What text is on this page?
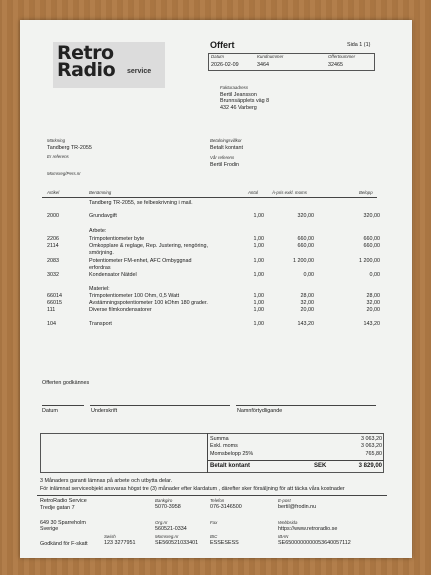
Retro
Radio service
Offert	Sida 1 (1)
Datum
2026-02-09
Kundnummer
3464
Offertnummer
32465
Fakturaadress
Bertil Jeansson
Brunnsäpplets väg 8
432 46 Varberg
Märkning
Tandberg TR-2055
Er referens
Momsreg/Pers.nr
Betalningsvillkor
Betalt kontant
Vår referens
Bertil Frodin
Artikel	Benämning	Antal	À-pris exkl. moms	Belopp
Tandberg TR-2055, se felbeskrivning i mail.
2000	Grundavgift	1,00	320,00	320,00
Arbete:
2206	Trimpotentiometer byte	1,00	660,00	660,00
2114	Omkopplare & reglage, Rep. Justering, rengöring,	1,00	660,00	660,00
smörjning.
2083	Potentiometer FM-enhet, AFC Ombyggnad	1,00	1 200,00	1 200,00
erfordras
3032	Kondensator Nätdel	1,00	0,00	0,00
Materiel:
66014	Trimpotentiometer 100 Ohm, 0,5 Watt	1,00	28,00	28,00
66015	Avstämningspotentiometer 100 kOhm 180 grader.	1,00	32,00	32,00
111	Diverse filmkondensatorer	1,00	20,00	20,00
104	Transport	1,00	143,20	143,20
Offerten godkännes
Datum	Underskrift	Namnförtydligande
Summa	3 063,20
Exkl. moms	3 063,20
Momsbelopp 25%	765,80
Betalt kontant	SEK	3 829,00
3 Månaders garanti lämnas på arbete och utbytta delar.
För inlämnat serviceobjekt ansvaras högst tre (3) månader efter klardatum , därefter sker försäljning för att täcka våra kostnader
RetroRadio Service
Tredje gatan 7
649 30 Sparreholm
Sverige
Godkänd för F-skatt
Bankgiro
5070-3958
Telefon
076-3146500
E-post
bertil@frodin.nu
Org.nr
560521-0334
Fax	Webbsida
https://www.retroradio.se
Swish
123 3277951
Momsreg.nr
SE560521033401
BIC
ESSESESS
IBAN
SE6500000000053640057112
